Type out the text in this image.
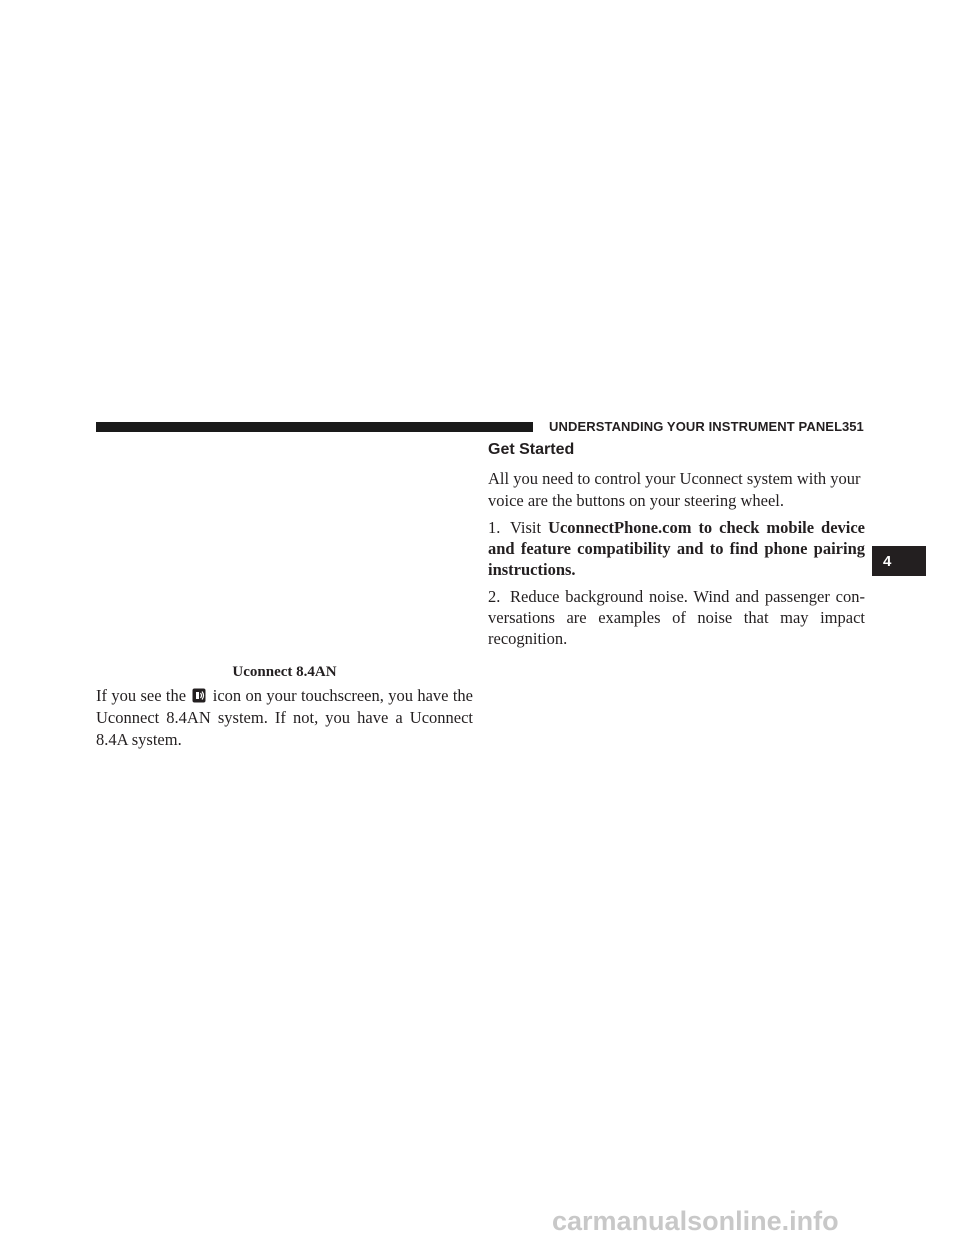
UNDERSTANDING YOUR INSTRUMENT PANEL 351
4
Uconnect 8.4AN
If you see the icon on your touchscreen, you have the Uconnect 8.4AN system. If not, you have a Uconnect 8.4A system.
Get Started
All you need to control your Uconnect system with your voice are the buttons on your steering wheel.
1. Visit UconnectPhone.com to check mobile device and feature compatibility and to find phone pairing instructions.
2. Reduce background noise. Wind and passenger con-versations are examples of noise that may impact recognition.
carmanualsonline.info
